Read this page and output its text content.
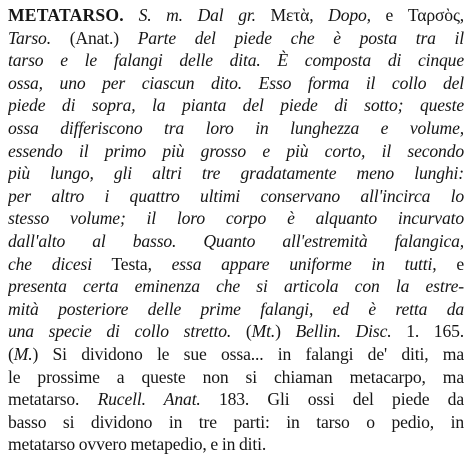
METATARSO. S. m. Dal gr. Μετὰ, Dopo, e Ταρσὸς,
Tarso. (Anat.) Parte del piede che è posta tra il
tarso e le falangi delle dita. È composta di cinque
ossa, uno per ciascun dito. Esso forma il collo del
piede di sopra, la pianta del piede di sotto; queste
ossa differiscono tra loro in lunghezza e volume,
essendo il primo più grosso e più corto, il secondo
più lungo, gli altri tre gradatamente meno lunghi:
per altro i quattro ultimi conservano all'incirca lo
stesso volume; il loro corpo è alquanto incurvato
dall'alto al basso. Quanto all'estremità falangica,
che dicesi Testa, essa appare uniforme in tutti, e
presenta certa eminenza che si articola con la estre-
mità posteriore delle prime falangi, ed è retta da
una specie di collo stretto. (Mt.) Bellin. Disc. 1. 165.
(M.) Si dividono le sue ossa... in falangi de' diti, ma
le prossime a queste non si chiaman metacarpo, ma
metatarso. Rucell. Anat. 183. Gli ossi del piede da
basso si dividono in tre parti: in tarso o pedio, in
metatarso ovvero metapedio, e in diti.
